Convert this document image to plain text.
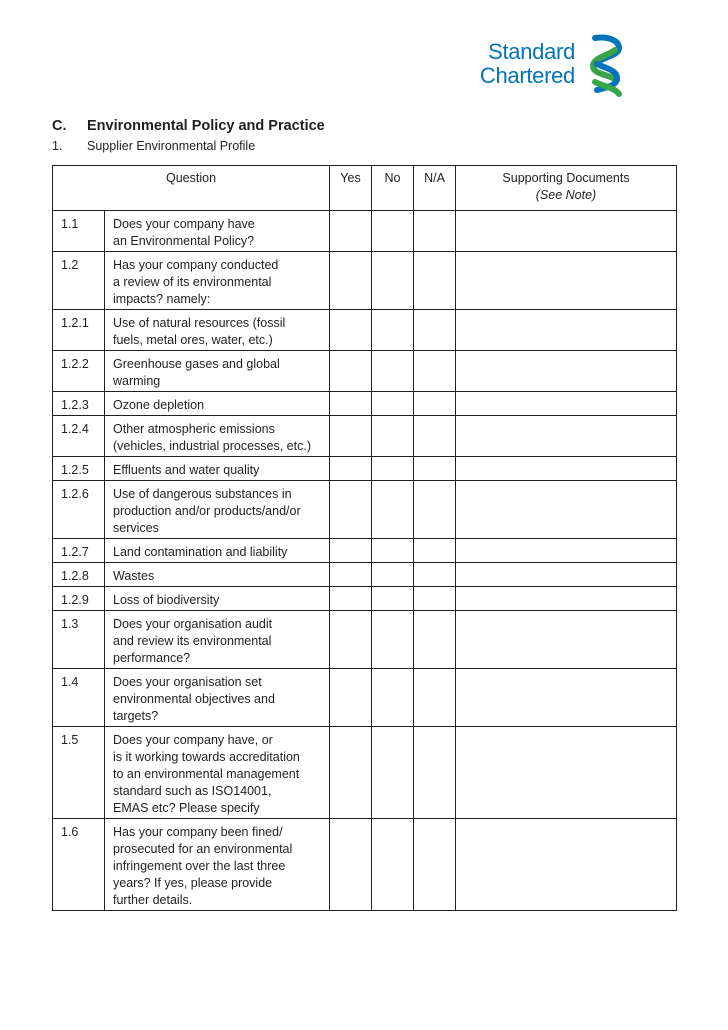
Standard
Chartered
C. Environmental Policy and Practice
1. Supplier Environmental Profile
Question		Yes	No	N/A	Supporting Documents
(See Note)

1.1	Does your company have
an Environmental Policy?				

1.2	Has your company conducted
a review of its environmental
impacts? namely:				

1.2.1	Use of natural resources (fossil
fuels, metal ores, water, etc.)				

1.2.2	Greenhouse gases and global
warming				

1.2.3	Ozone depletion				

1.2.4	Other atmospheric emissions
(vehicles, industrial processes, etc.)				

1.2.5	Effluents and water quality				

1.2.6	Use of dangerous substances in
production and/or products/and/or
services				

1.2.7	Land contamination and liability				

1.2.8	Wastes				

1.2.9	Loss of biodiversity				

1.3	Does your organisation audit
and review its environmental
performance?				

1.4	Does your organisation set
environmental objectives and
targets?				

1.5	Does your company have, or
is it working towards accreditation
to an environmental management
standard such as ISO14001,
EMAS etc? Please specify				

1.6	Has your company been fined/
prosecuted for an environmental
infringement over the last three
years? If yes, please provide
further details.				
